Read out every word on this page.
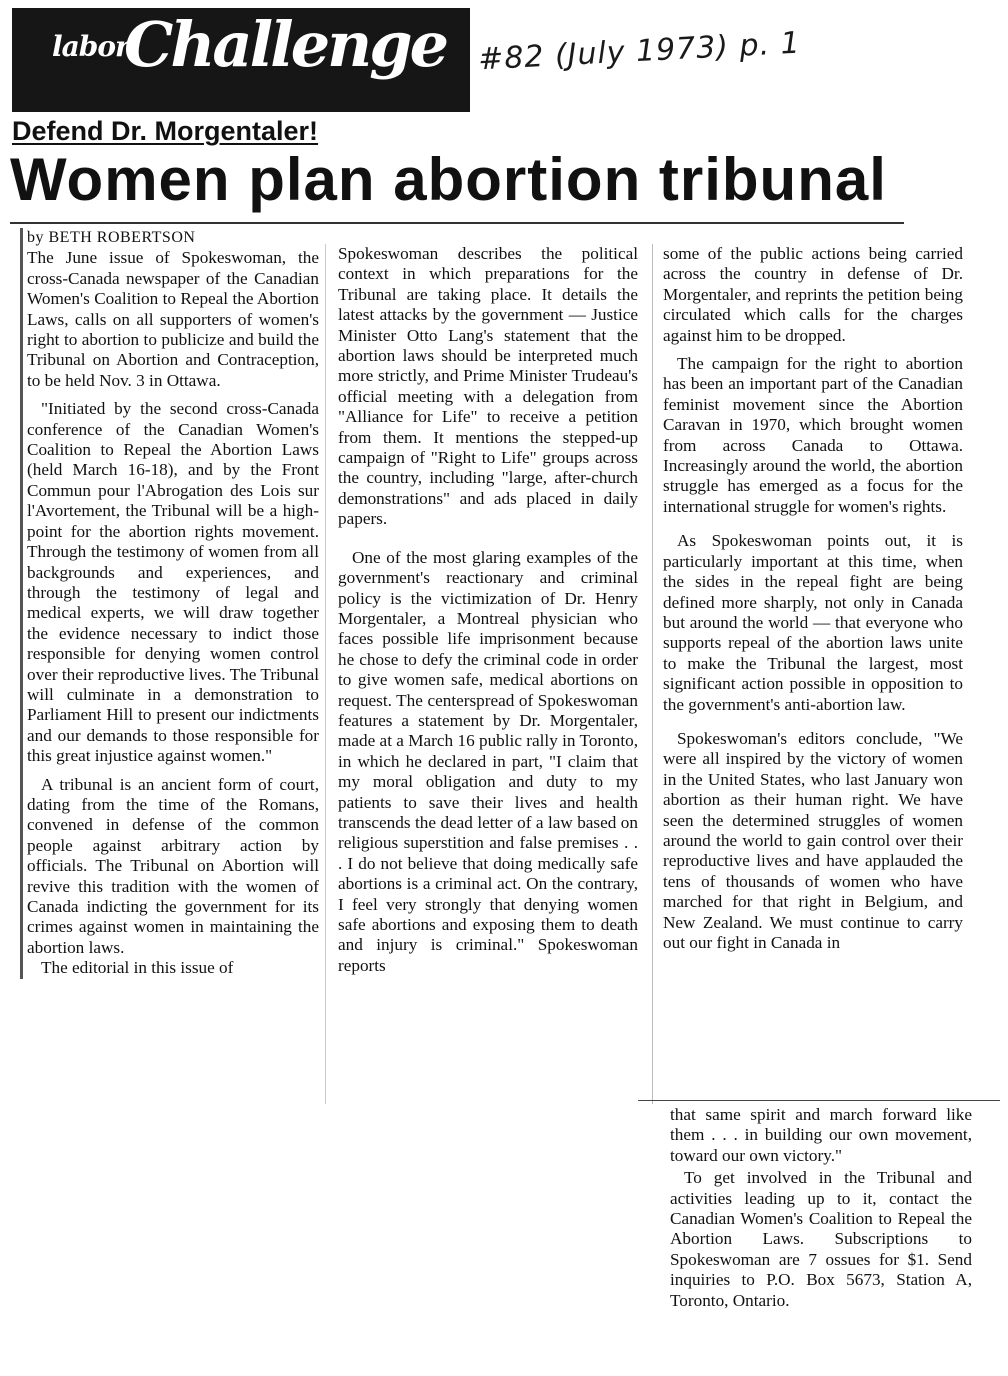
labor
Challenge #82 (July 1973) p. 1
Defend Dr. Morgentaler!
Women plan abortion tribunal
by BETH ROBERTSON

The June issue of Spokeswoman, the cross-Canada newspaper of the Canadian Women's Coalition to Repeal the Abortion Laws, calls on all supporters of women's right to abortion to publicize and build the Tribunal on Abortion and Contraception, to be held Nov. 3 in Ottawa.

"Initiated by the second cross-Canada conference of the Canadian Women's Coalition to Repeal the Abortion Laws (held March 16-18), and by the Front Commun pour l'Abrogation des Lois sur l'Avortement, the Tribunal will be a high-point for the abortion rights movement. Through the testimony of women from all backgrounds and experiences, and through the testimony of legal and medical experts, we will draw together the evidence necessary to indict those responsible for denying women control over their reproductive lives. The Tribunal will culminate in a demonstration to Parliament Hill to present our indictments and our demands to those responsible for this great injustice against women."

A tribunal is an ancient form of court, dating from the time of the Romans, convened in defense of the common people against arbitrary action by officials. The Tribunal on Abortion will revive this tradition with the women of Canada indicting the government for its crimes against women in maintaining the abortion laws.

The editorial in this issue of

Spokeswoman describes the political context in which preparations for the Tribunal are taking place. It details the latest attacks by the government — Justice Minister Otto Lang's statement that the abortion laws should be interpreted much more strictly, and Prime Minister Trudeau's official meeting with a delegation from "Alliance for Life" to receive a petition from them. It mentions the stepped-up campaign of "Right to Life" groups across the country, including "large, after-church demonstrations" and ads placed in daily papers.

One of the most glaring examples of the government's reactionary and criminal policy is the victimization of Dr. Henry Morgentaler, a Montreal physician who faces possible life imprisonment because he chose to defy the criminal code in order to give women safe, medical abortions on request. The centerspread of Spokeswoman features a statement by Dr. Morgentaler, made at a March 16 public rally in Toronto, in which he declared in part, "I claim that my moral obligation and duty to my patients to save their lives and health transcends the dead letter of a law based on religious superstition and false premises . . . I do not believe that doing medically safe abortions is a criminal act. On the contrary, I feel very strongly that denying women safe abortions and exposing them to death and injury is criminal." Spokeswoman reports

some of the public actions being carried across the country in defense of Dr. Morgentaler, and reprints the petition being circulated which calls for the charges against him to be dropped.

The campaign for the right to abortion has been an important part of the Canadian feminist movement since the Abortion Caravan in 1970, which brought women from across Canada to Ottawa. Increasingly around the world, the abortion struggle has emerged as a focus for the international struggle for women's rights.

As Spokeswoman points out, it is particularly important at this time, when the sides in the repeal fight are being defined more sharply, not only in Canada but around the world — that everyone who supports repeal of the abortion laws unite to make the Tribunal the largest, most significant action possible in opposition to the government's anti-abortion law.

Spokeswoman's editors conclude, "We were all inspired by the victory of women in the United States, who last January won abortion as their human right. We have seen the determined struggles of women around the world to gain control over their reproductive lives and have applauded the tens of thousands of women who have marched for that right in Belgium, and New Zealand. We must continue to carry out our fight in Canada in

that same spirit and march forward like them . . . in building our own movement, toward our own victory."

To get involved in the Tribunal and activities leading up to it, contact the Canadian Women's Coalition to Repeal the Abortion Laws. Subscriptions to Spokeswoman are 7 ossues for $1. Send inquiries to P.O. Box 5673, Station A, Toronto, Ontario.
